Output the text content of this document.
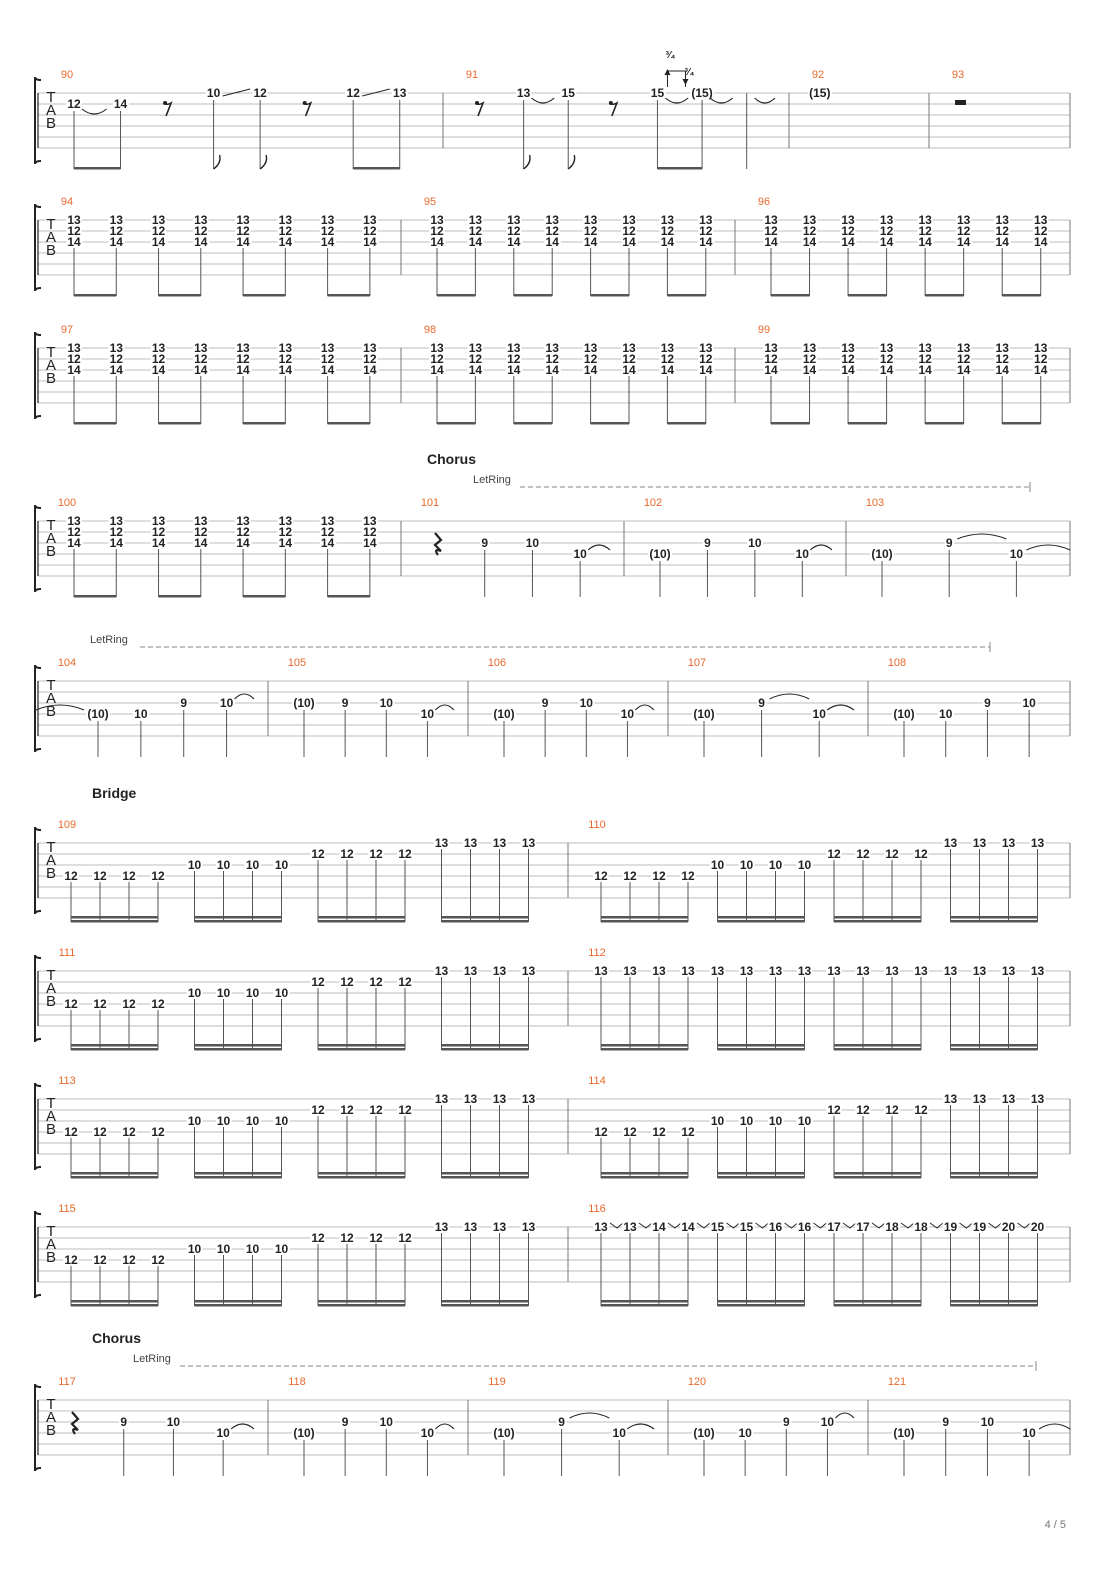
Chorus
Bridge
Chorus
T
A
B
90
12	14
10	12	12	13
91
13	15	15
³⁄₄
³⁄₄
(15)
92
(15)
93
T
A
B
94
13
12
14
13
12
14
13
12
14
13
12
14
13
12
14
13
12
14
13
12
14
13
12
14
95
13
12
14
13
12
14
13
12
14
13
12
14
13
12
14
13
12
14
13
12
14
13
12
14
96
13
12
14
13
12
14
13
12
14
13
12
14
13
12
14
13
12
14
13
12
14
13
12
14
T
A
B
97
13
12
14
13
12
14
13
12
14
13
12
14
13
12
14
13
12
14
13
12
14
13
12
14
98
13
12
14
13
12
14
13
12
14
13
12
14
13
12
14
13
12
14
13
12
14
13
12
14
99
13
12
14
13
12
14
13
12
14
13
12
14
13
12
14
13
12
14
13
12
14
13
12
14
T
A
B
100
13
12
14
13
12
14
13
12
14
13
12
14
13
12
14
13
12
14
13
12
14
13
12
14
101
9	10
10
102
(10)
9	10
10
103
(10)
9
10
LetRing
T
A
B
104
(10) 10
9	10
105
(10) 9	10
10
106
(10)
9	10
10
107
(10)
9
10
108
(10) 10
9	10
LetRing
T
A
B
109
12 12 12 12
10 10 10 10
12 12 12 12
13 13 13 13
110
12 12 12 12
10 10 10 10
12 12 12 12
13 13 13 13
T
A
B
111
12 12 12 12
10 10 10 10
12 12 12 12
13 13 13 13
112
13 13 13 13 13 13 13 13 13 13 13 13 13 13 13 13
T
A
B
113
12 12 12 12
10 10 10 10
12 12 12 12
13 13 13 13
114
12 12 12 12
10 10 10 10
12 12 12 12
13 13 13 13
T
A
B
115
12 12 12 12
10 10 10 10
12 12 12 12
13 13 13 13
116
13 13 14 14 15 15 16 16 17 17 18 18 19 19 20 20
T
A
B
117
9	10
10
118
(10)
9	10
10
119
(10)
9
10
120
(10) 10
9	10
121
(10)
9	10
10
LetRing
4 / 5
